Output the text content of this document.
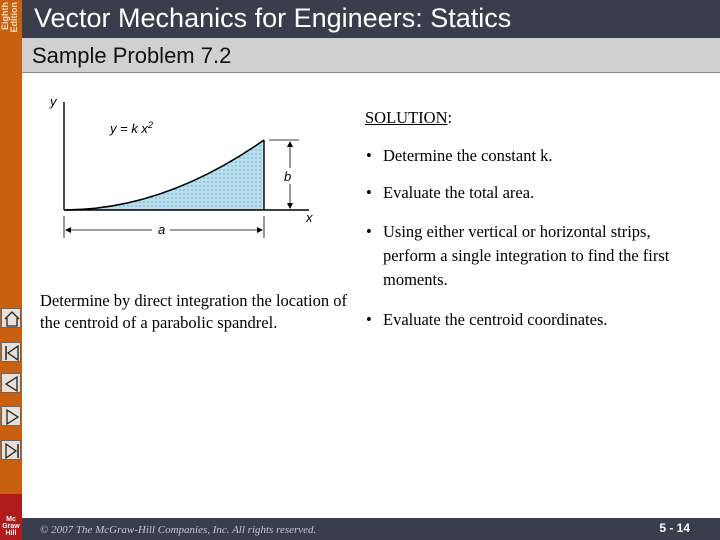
Eighth Edition
Mc Graw Hill
Vector Mechanics for Engineers: Statics
Sample Problem 7.2
y
x
y = k $x^2$
b
a
Determine by direct integration the location of the centroid of a parabolic spandrel.
SOLUTION:
• Determine the constant k.
• Evaluate the total area.
• Using either vertical or horizontal strips, perform a single integration to find the first moments.
• Evaluate the centroid coordinates.
© 2007 The McGraw-Hill Companies, Inc. All rights reserved.	5 - 14
